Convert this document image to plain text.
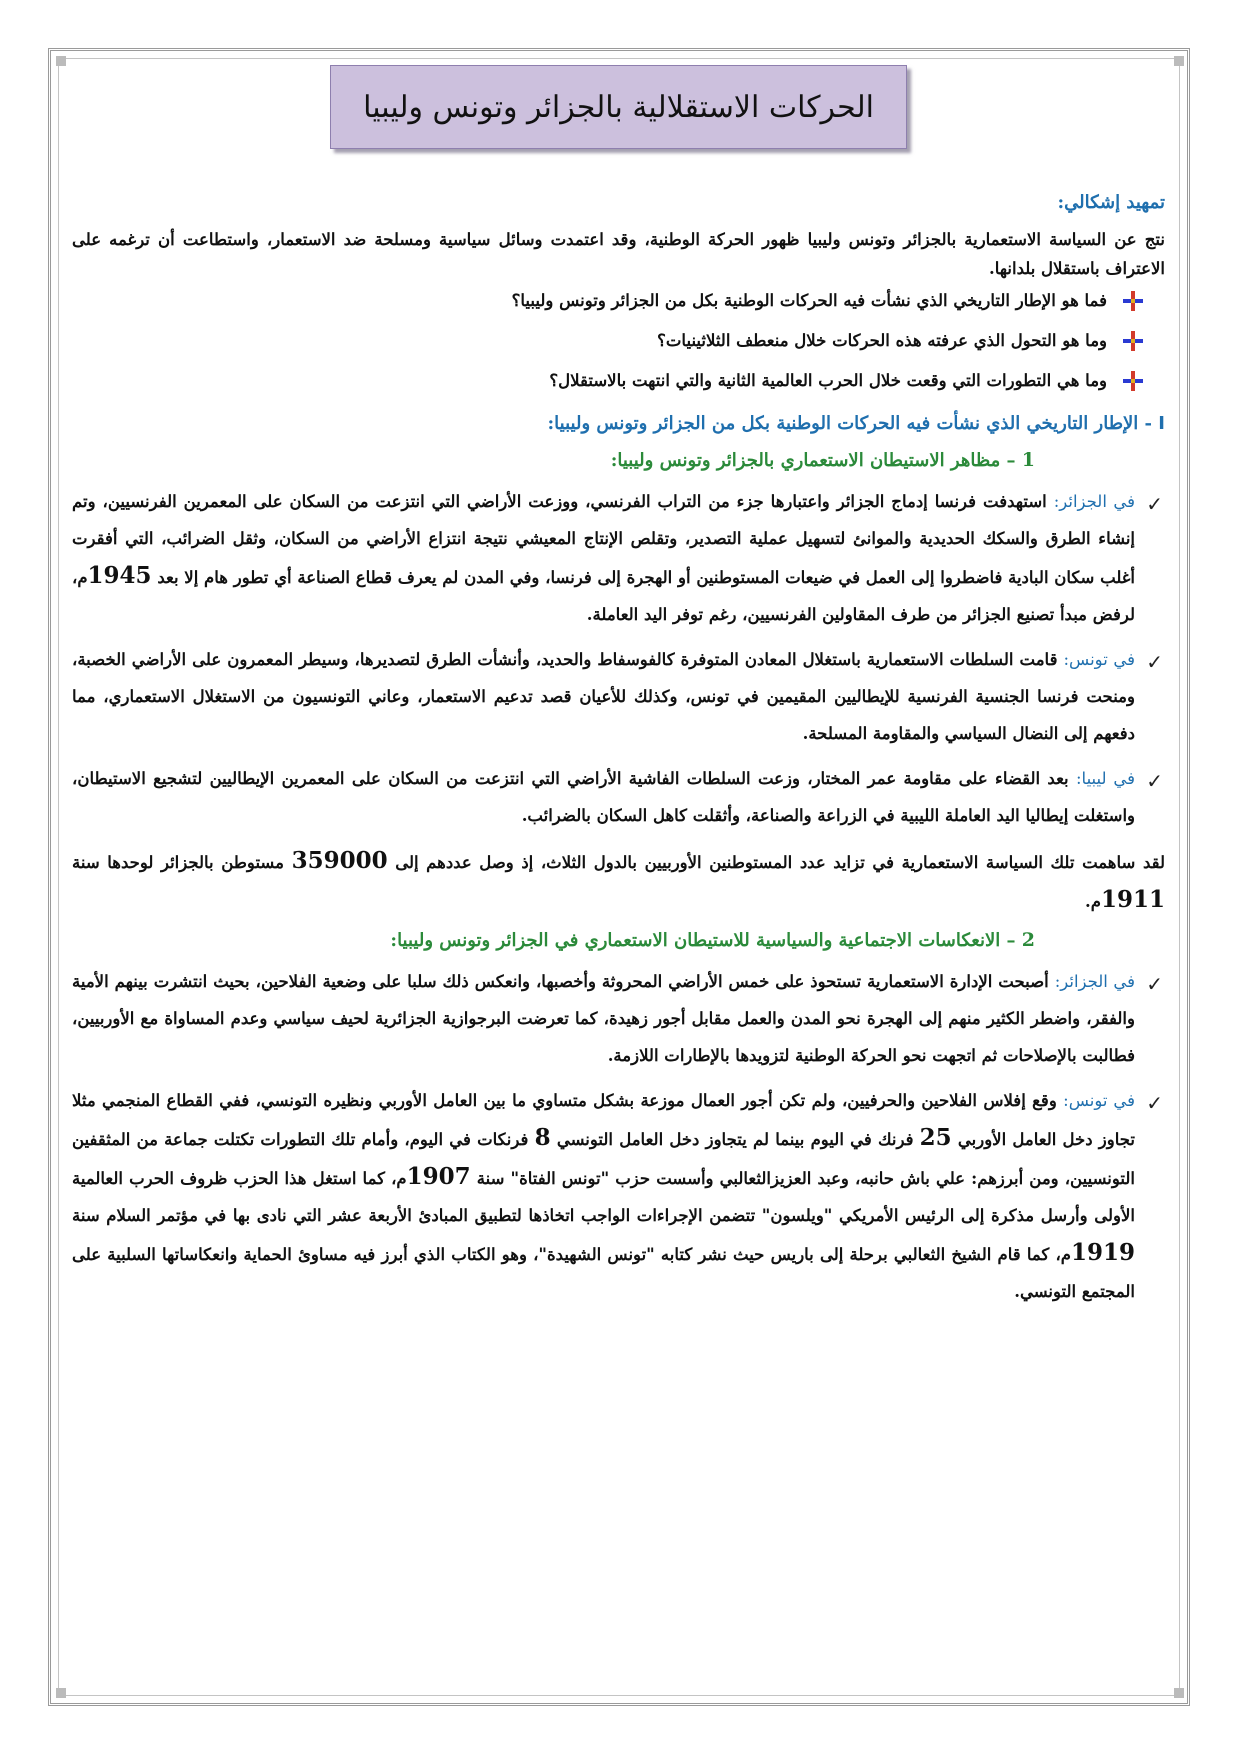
الحركات الاستقلالية بالجزائر وتونس وليبيا
تمهيد إشكالي:

نتج عن السياسة الاستعمارية بالجزائر وتونس وليبيا ظهور الحركة الوطنية، وقد اعتمدت وسائل سياسية ومسلحة ضد الاستعمار، واستطاعت أن ترغمه على الاعتراف باستقلال بلدانها.

فما هو الإطار التاريخي الذي نشأت فيه الحركات الوطنية بكل من الجزائر وتونس وليبيا؟
وما هو التحول الذي عرفته هذه الحركات خلال منعطف الثلاثينيات؟
وما هي التطورات التي وقعت خلال الحرب العالمية الثانية والتي انتهت بالاستقلال؟
I - الإطار التاريخي الذي نشأت فيه الحركات الوطنية بكل من الجزائر وتونس وليبيا:
1 – مظاهر الاستيطان الاستعماري بالجزائر وتونس وليبيا:
✓
في الجزائر: استهدفت فرنسا إدماج الجزائر واعتبارها جزء من التراب الفرنسي، ووزعت الأراضي التي انتزعت من السكان على المعمرين الفرنسيين، وتم إنشاء الطرق والسكك الحديدية والموانئ لتسهيل عملية التصدير، وتقلص الإنتاج المعيشي نتيجة انتزاع الأراضي من السكان، وثقل الضرائب، التي أفقرت أغلب سكان البادية فاضطروا إلى العمل في ضيعات المستوطنين أو الهجرة إلى فرنسا، وفي المدن لم يعرف قطاع الصناعة أي تطور هام إلا بعد 1945م، لرفض مبدأ تصنيع الجزائر من طرف المقاولين الفرنسيين، رغم توفر اليد العاملة.
✓
في تونس: قامت السلطات الاستعمارية باستغلال المعادن المتوفرة كالفوسفاط والحديد، وأنشأت الطرق لتصديرها، وسيطر المعمرون على الأراضي الخصبة، ومنحت فرنسا الجنسية الفرنسية للإيطاليين المقيمين في تونس، وكذلك للأعيان قصد تدعيم الاستعمار، وعاني التونسيون من الاستغلال الاستعماري، مما دفعهم إلى النضال السياسي والمقاومة المسلحة.
✓
في ليبيا: بعد القضاء على مقاومة عمر المختار، وزعت السلطات الفاشية الأراضي التي انتزعت من السكان على المعمرين الإيطاليين لتشجيع الاستيطان، واستغلت إيطاليا اليد العاملة الليبية في الزراعة والصناعة، وأثقلت كاهل السكان بالضرائب.

لقد ساهمت تلك السياسة الاستعمارية في تزايد عدد المستوطنين الأوربيين بالدول الثلاث، إذ وصل عددهم إلى 359000 مستوطن بالجزائر لوحدها سنة 1911م.

2 – الانعكاسات الاجتماعية والسياسية للاستيطان الاستعماري في الجزائر وتونس وليبيا:
✓
في الجزائر: أصبحت الإدارة الاستعمارية تستحوذ على خمس الأراضي المحروثة وأخصبها، وانعكس ذلك سلبا على وضعية الفلاحين، بحيث انتشرت بينهم الأمية والفقر، واضطر الكثير منهم إلى الهجرة نحو المدن والعمل مقابل أجور زهيدة، كما تعرضت البرجوازية الجزائرية لحيف سياسي وعدم المساواة مع الأوربيين، فطالبت بالإصلاحات ثم اتجهت نحو الحركة الوطنية لتزويدها بالإطارات اللازمة.
✓
في تونس: وقع إفلاس الفلاحين والحرفيين، ولم تكن أجور العمال موزعة بشكل متساوي ما بين العامل الأوربي ونظيره التونسي، ففي القطاع المنجمي مثلا تجاوز دخل العامل الأوربي 25 فرنك في اليوم بينما لم يتجاوز دخل العامل التونسي 8 فرنكات في اليوم، وأمام تلك التطورات تكتلت جماعة من المثقفين التونسيين، ومن أبرزهم: علي باش حانبه، وعبد العزيزالثعالبي وأسست حزب "تونس الفتاة" سنة 1907م، كما استغل هذا الحزب ظروف الحرب العالمية الأولى وأرسل مذكرة إلى الرئيس الأمريكي "ويلسون" تتضمن الإجراءات الواجب اتخاذها لتطبيق المبادئ الأربعة عشر التي نادى بها في مؤتمر السلام سنة 1919م، كما قام الشيخ الثعالبي برحلة إلى باريس حيث نشر كتابه "تونس الشهيدة"، وهو الكتاب الذي أبرز فيه مساوئ الحماية وانعكاساتها السلبية على المجتمع التونسي.
